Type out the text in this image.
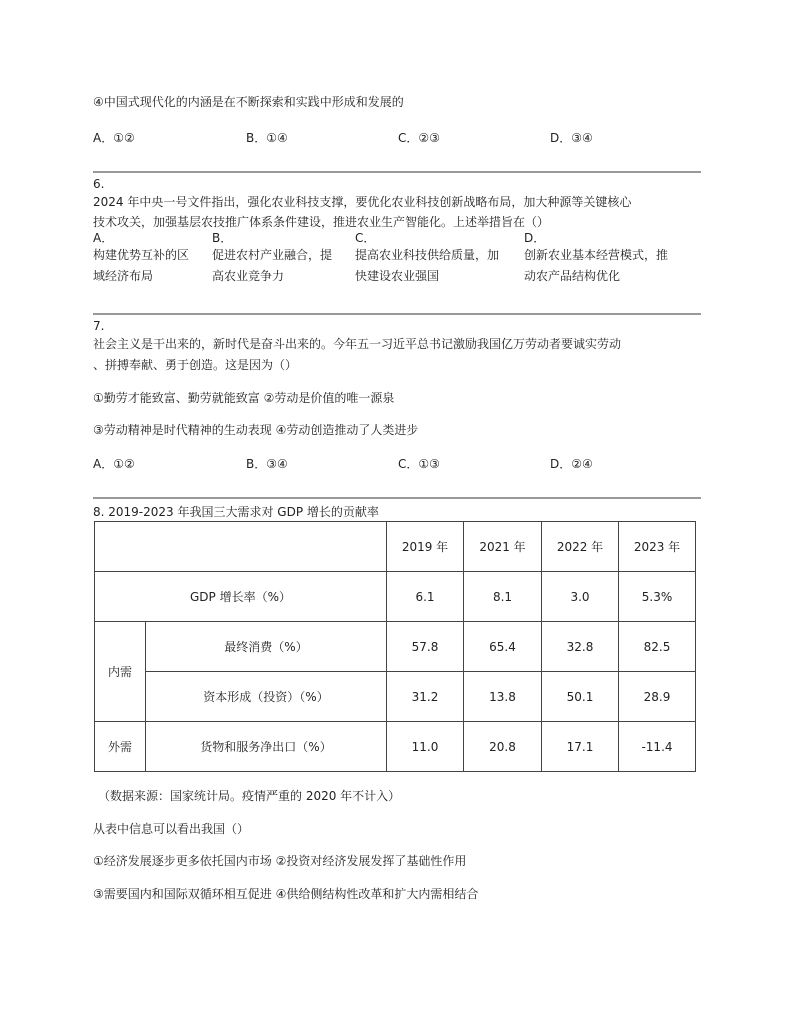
④中国式现代化的内涵是在不断探索和实践中形成和发展的
A．①②	B．①④	C．②③	D．③④
6.
2024 年中央一号文件指出，强化农业科技支撑，要优化农业科技创新战略布局，加大种源等关键核心
技术攻关，加强基层农技推广体系条件建设，推进农业生产智能化。上述举措旨在（）
A．
构建优势互补的区
域经济布局
B．
促进农村产业融合，提
高农业竞争力
C．
提高农业科技供给质量，加
快建设农业强国
D．
创新农业基本经营模式，推
动农产品结构优化
7.
社会主义是干出来的，新时代是奋斗出来的。今年五一习近平总书记激励我国亿万劳动者要诚实劳动
、拼搏奉献、勇于创造。这是因为（）
①勤劳才能致富、勤劳就能致富 ②劳动是价值的唯一源泉
③劳动精神是时代精神的生动表现 ④劳动创造推动了人类进步
A．①②	B．③④	C．①③	D．②④
8. 2019-2023 年我国三大需求对 GDP 增长的贡献率
		2019 年	2021 年	2022 年	2023 年
GDP 增长率（%）		6.1	8.1	3.0	5.3%
内需	最终消费（%）	57.8	65.4	32.8	82.5
	资本形成（投资）（%）	31.2	13.8	50.1	28.9
外需	货物和服务净出口（%）	11.0	20.8	17.1	-11.4
（数据来源：国家统计局。疫情严重的 2020 年不计入）
从表中信息可以看出我国（）
①经济发展逐步更多依托国内市场 ②投资对经济发展发挥了基础性作用
③需要国内和国际双循环相互促进 ④供给侧结构性改革和扩大内需相结合
